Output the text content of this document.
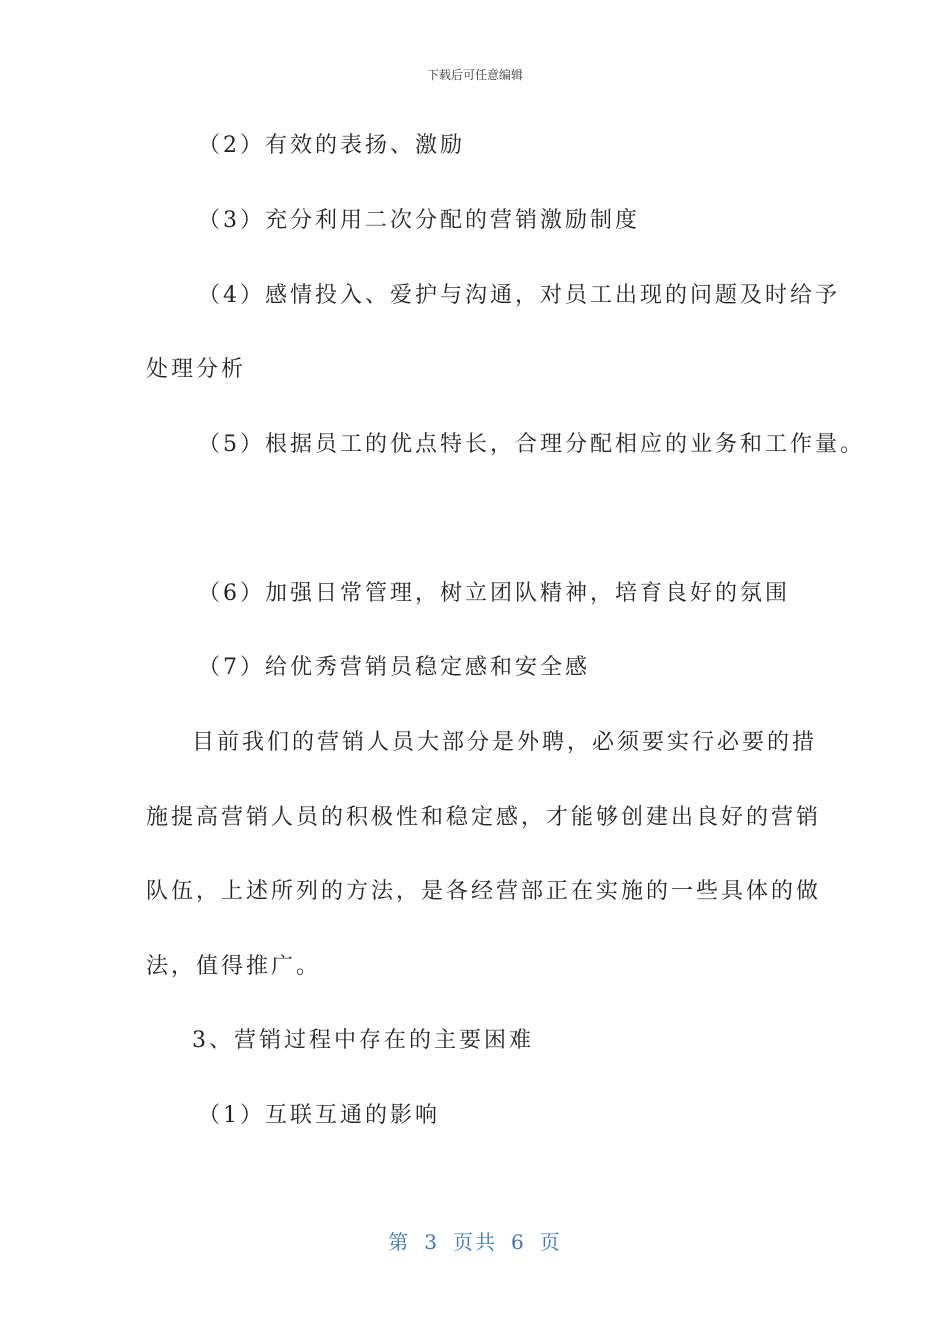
下载后可任意编辑
（2）有效的表扬、激励
（3）充分利用二次分配的营销激励制度
（4）感情投入、爱护与沟通，对员工出现的问题及时给予
处理分析
（5）根据员工的优点特长，合理分配相应的业务和工作量。
（6）加强日常管理，树立团队精神，培育良好的氛围
（7）给优秀营销员稳定感和安全感
目前我们的营销人员大部分是外聘，必须要实行必要的措
施提高营销人员的积极性和稳定感，才能够创建出良好的营销
队伍，上述所列的方法，是各经营部正在实施的一些具体的做
法，值得推广。
3、营销过程中存在的主要困难
（1）互联互通的影响
第 3 页共 6 页
